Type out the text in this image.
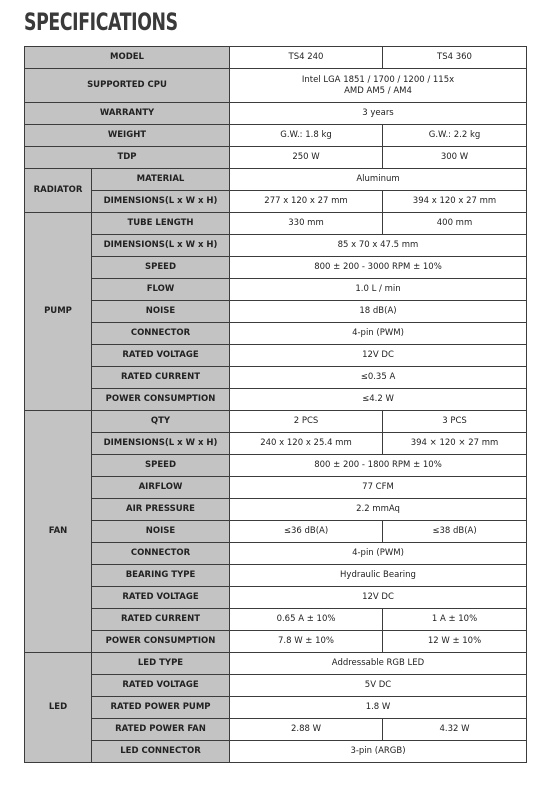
SPECIFICATIONS
MODEL		TS4 240	TS4 360
SUPPORTED CPU		Intel LGA 1851 / 1700 / 1200 / 115x
AMD AM5 / AM4	

WARRANTY		3 years	
WEIGHT		G.W.: 1.8 kg	G.W.: 2.2 kg
TDP		250 W	300 W
RADIATOR	MATERIAL	Aluminum	
	DIMENSIONS(L x W x H)	277 x 120 x 27 mm	394 x 120 x 27 mm
PUMP	TUBE LENGTH	330 mm	400 mm
	DIMENSIONS(L x W x H)	85 x 70 x 47.5 mm	
	SPEED	800 ± 200 - 3000 RPM ± 10%	
	FLOW	1.0 L / min	
	NOISE	18 dB(A)	
	CONNECTOR	4-pin (PWM)	
	RATED VOLTAGE	12V DC	
	RATED CURRENT	≤0.35 A	
	POWER CONSUMPTION	≤4.2 W	
FAN	QTY	2 PCS	3 PCS
	DIMENSIONS(L x W x H)	240 x 120 x 25.4 mm	394 × 120 × 27 mm
	SPEED	800 ± 200 - 1800 RPM ± 10%	
	AIRFLOW	77 CFM	
	AIR PRESSURE	2.2 mmAq	
	NOISE	≤36 dB(A)	≤38 dB(A)
	CONNECTOR	4-pin (PWM)	
	BEARING TYPE	Hydraulic Bearing	
	RATED VOLTAGE	12V DC	
	RATED CURRENT	0.65 A ± 10%	1 A ± 10%
	POWER CONSUMPTION	7.8 W ± 10%	12 W ± 10%
LED	LED TYPE	Addressable RGB LED	
	RATED VOLTAGE	5V DC	
	RATED POWER PUMP	1.8 W	
	RATED POWER FAN	2.88 W	4.32 W
	LED CONNECTOR	3-pin (ARGB)	
